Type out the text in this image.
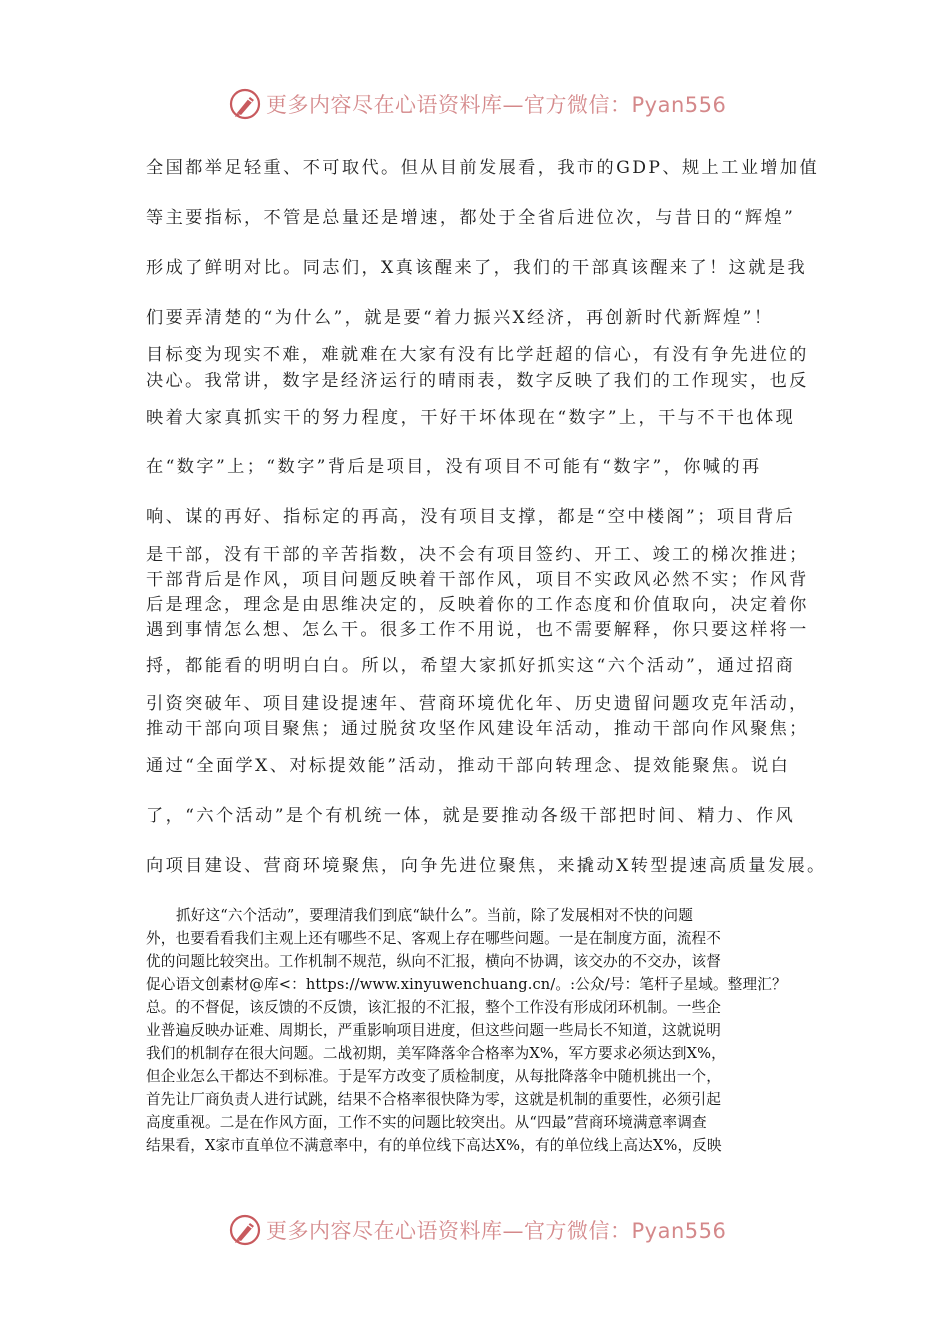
更多内容尽在心语资料库—官方微信：Pyan556
全国都举足轻重、不可取代。但从目前发展看，我市的GDP、规上工业增加值
等主要指标，不管是总量还是增速，都处于全省后进位次，与昔日的“辉煌”
形成了鲜明对比。同志们，X真该醒来了，我们的干部真该醒来了！这就是我
们要弄清楚的“为什么”，就是要“着力振兴X经济，再创新时代新辉煌”！
目标变为现实不难，难就难在大家有没有比学赶超的信心，有没有争先进位的
决心。我常讲，数字是经济运行的晴雨表，数字反映了我们的工作现实，也反
映着大家真抓实干的努力程度，干好干坏体现在“数字”上，干与不干也体现
在“数字”上；“数字”背后是项目，没有项目不可能有“数字”，你喊的再
响、谋的再好、指标定的再高，没有项目支撑，都是“空中楼阁”；项目背后
是干部，没有干部的辛苦指数，决不会有项目签约、开工、竣工的梯次推进；
干部背后是作风，项目问题反映着干部作风，项目不实政风必然不实；作风背
后是理念，理念是由思维决定的，反映着你的工作态度和价值取向，决定着你
遇到事情怎么想、怎么干。很多工作不用说，也不需要解释，你只要这样将一
捋，都能看的明明白白。所以，希望大家抓好抓实这“六个活动”，通过招商
引资突破年、项目建设提速年、营商环境优化年、历史遗留问题攻克年活动，
推动干部向项目聚焦；通过脱贫攻坚作风建设年活动，推动干部向作风聚焦；
通过“全面学X、对标提效能”活动，推动干部向转理念、提效能聚焦。说白
了，“六个活动”是个有机统一体，就是要推动各级干部把时间、精力、作风
向项目建设、营商环境聚焦，向争先进位聚焦，来撬动X转型提速高质量发展。
抓好这“六个活动”，要理清我们到底“缺什么”。当前，除了发展相对不快的问题
外，也要看看我们主观上还有哪些不足、客观上存在哪些问题。一是在制度方面，流程不
优的问题比较突出。工作机制不规范，纵向不汇报，横向不协调，该交办的不交办，该督
促心语文创素材@库<：https://www.xinyuwenchuang.cn/。:公众/号：笔杆子星域。整理汇？
总。的不督促，该反馈的不反馈，该汇报的不汇报，整个工作没有形成闭环机制。一些企
业普遍反映办证难、周期长，严重影响项目进度，但这些问题一些局长不知道，这就说明
我们的机制存在很大问题。二战初期，美军降落伞合格率为X%，军方要求必须达到X%，
但企业怎么干都达不到标准。于是军方改变了质检制度，从每批降落伞中随机挑出一个，
首先让厂商负责人进行试跳，结果不合格率很快降为零，这就是机制的重要性，必须引起
高度重视。二是在作风方面，工作不实的问题比较突出。从“四最”营商环境满意率调查
结果看，X家市直单位不满意率中，有的单位线下高达X%，有的单位线上高达X%，反映
更多内容尽在心语资料库—官方微信：Pyan556
